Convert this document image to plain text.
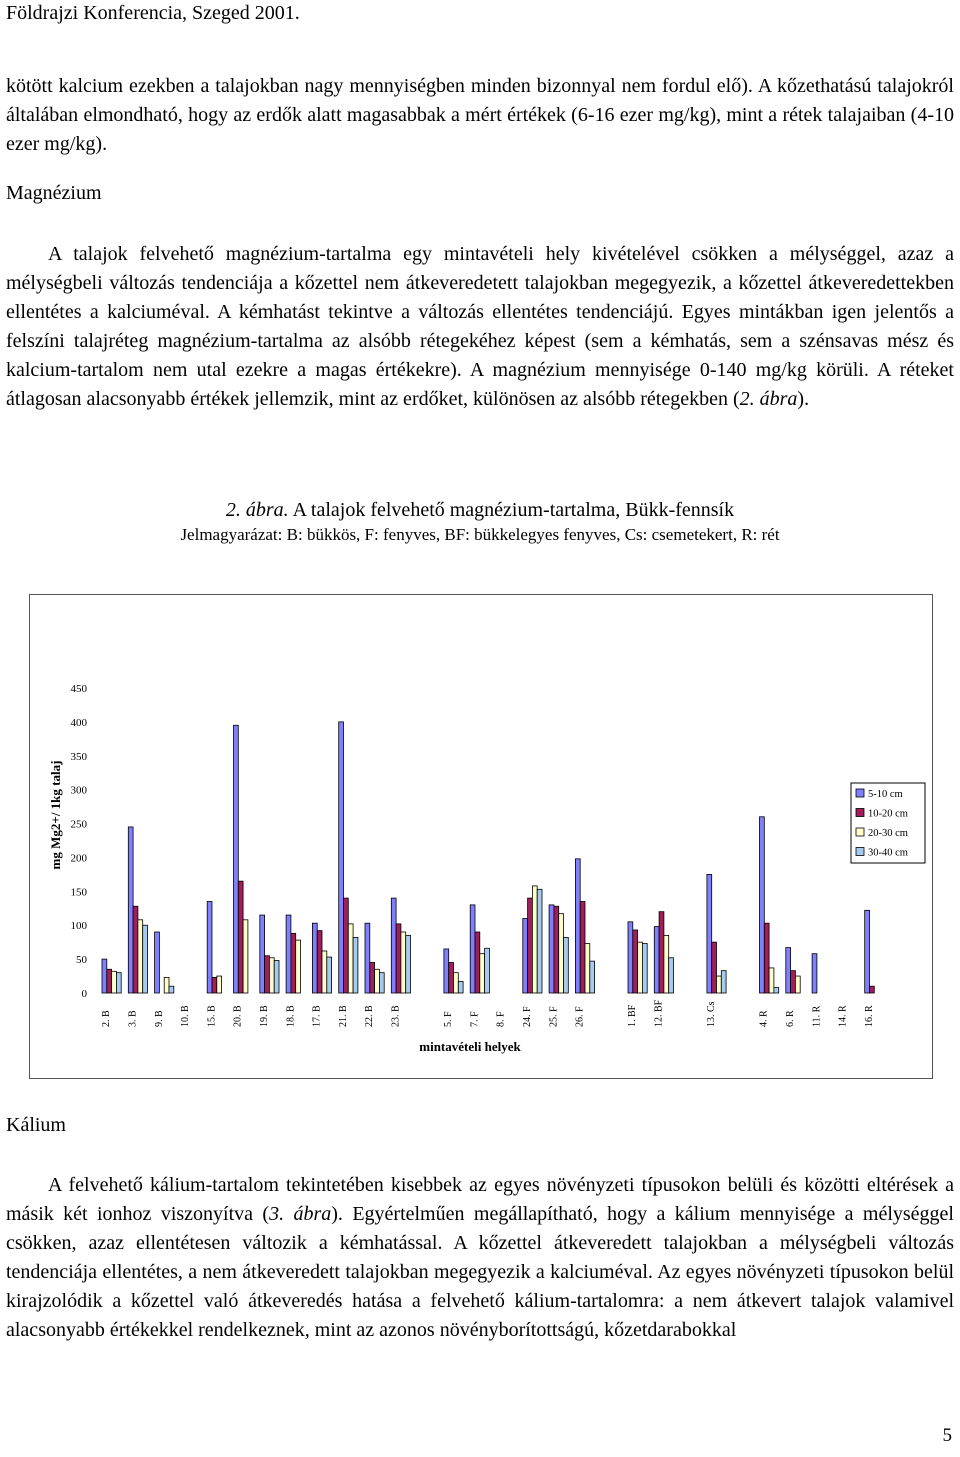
Földrajzi Konferencia, Szeged 2001.
kötött kalcium ezekben a talajokban nagy mennyiségben minden bizonnyal nem fordul elő). A kőzethatású talajokról általában elmondható, hogy az erdők alatt magasabbak a mért értékek (6-16 ezer mg/kg), mint a rétek talajaiban (4-10 ezer mg/kg).
Magnézium
A talajok felvehető magnézium-tartalma egy mintavételi hely kivételével csökken a mélységgel, azaz a mélységbeli változás tendenciája a kőzettel nem átkeveredetett talajokban megegyezik, a kőzettel átkeveredettekben ellentétes a kalciuméval. A kémhatást tekintve a változás ellentétes tendenciájú. Egyes mintákban igen jelentős a felszíni talajréteg magnézium-tartalma az alsóbb rétegekéhez képest (sem a kémhatás, sem a szénsavas mész és kalcium-tartalom nem utal ezekre a magas értékekre). A magnézium mennyisége 0-140 mg/kg körüli. A réteket átlagosan alacsonyabb értékek jellemzik, mint az erdőket, különösen az alsóbb rétegekben (2. ábra).
2. ábra. A talajok felvehető magnézium-tartalma, Bükk-fennsík
Jelmagyarázat: B: bükkös, F: fenyves, BF: bükkelegyes fenyves, Cs: csemetekert, R: rét
0
50
100
150
200
250
300
350
400
450
2. B 3. B 9. B 10. B 15. B 20. B 19. B 18. B 17. B 21. B 22. B 23. B	5. F 7. F 8. F 24. F 25. F 26. F	1. BF 12. BF	13. Cs	4. R 6. R 11. R 14. R 16. R
mg Mg2+/ 1kg talaj
mintavételi helyek
5-10 cm
10-20 cm
20-30 cm
30-40 cm
Kálium
A felvehető kálium-tartalom tekintetében kisebbek az egyes növényzeti típusokon belüli és közötti eltérések a másik két ionhoz viszonyítva (3. ábra). Egyértelműen megállapítható, hogy a kálium mennyisége a mélységgel csökken, azaz ellentétesen változik a kémhatással. A kőzettel átkeveredett talajokban a mélységbeli változás tendenciája ellentétes, a nem átkeveredett talajokban megegyezik a kalciuméval. Az egyes növényzeti típusokon belül kirajzolódik a kőzettel való átkeveredés hatása a felvehető kálium-tartalomra: a nem átkevert talajok valamivel alacsonyabb értékekkel rendelkeznek, mint az azonos növényborítottságú, kőzetdarabokkal
5
